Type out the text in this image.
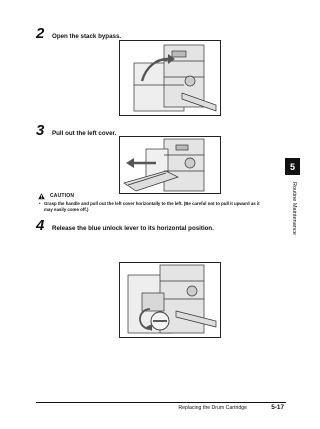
2	Open the stack bypass.
3	Pull out the left cover.
CAUTION
• Grasp the handle and pull out the left cover horizontally to the left. (Be careful not to pull it upward as it may easily come off.)
4	Release the blue unlock lever to its horizontal position.
5
Routine Maintenance
Replacing the Drum Cartridge	5-17
